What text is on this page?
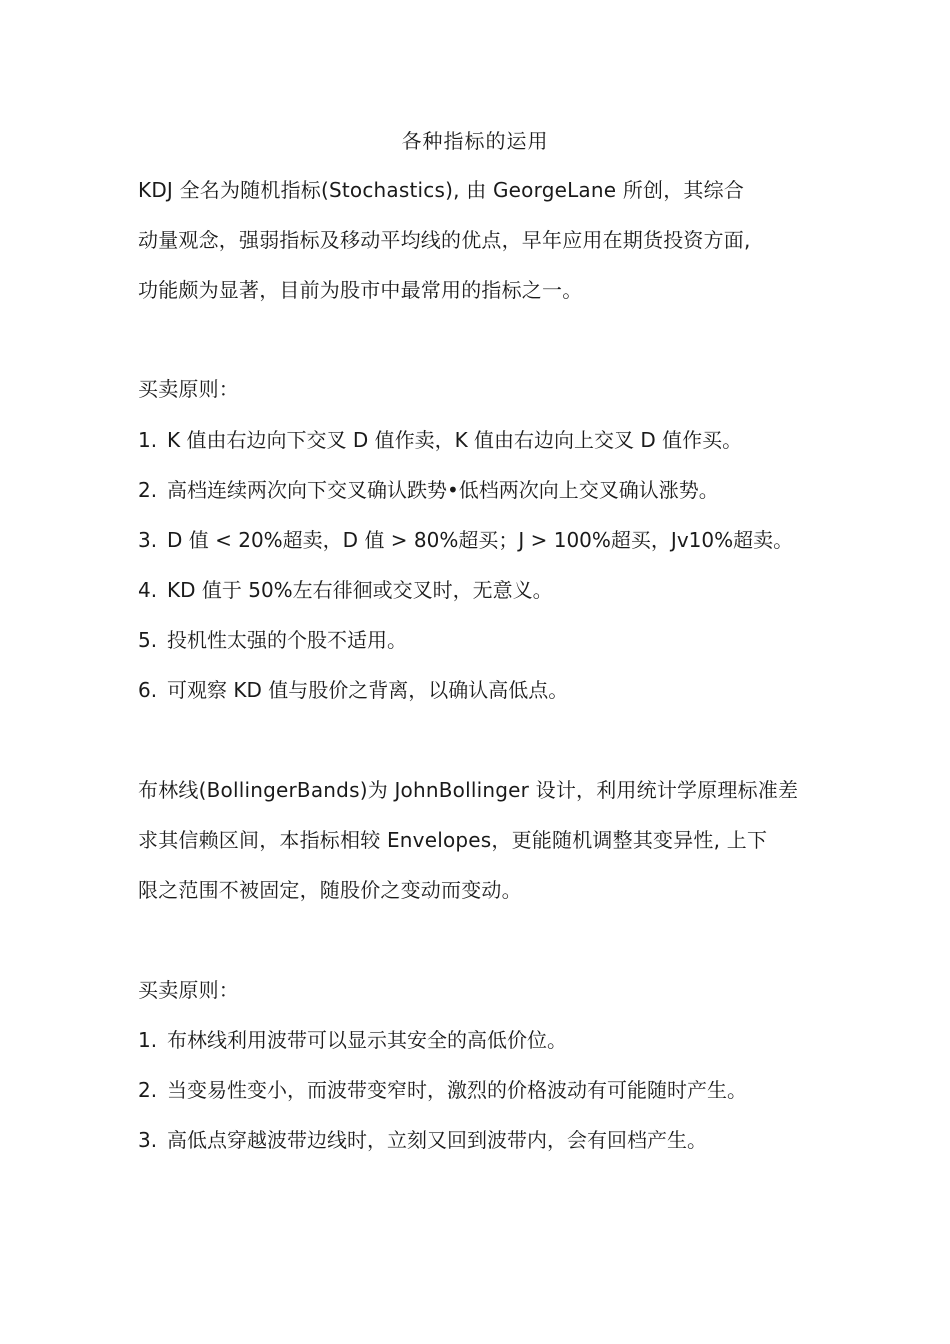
各种指标的运用
KDJ 全名为随机指标(Stochastics), 由 GeorgeLane 所创，其综合
动量观念，强弱指标及移动平均线的优点，早年应用在期货投资方面,
功能颇为显著，目前为股市中最常用的指标之一。
买卖原则：
1. K 值由右边向下交叉 D 值作卖，K 值由右边向上交叉 D 值作买。
2. 高档连续两次向下交叉确认跌势•低档两次向上交叉确认涨势。
3. D 值 < 20%超卖，D 值 > 80%超买；J > 100%超买，Jv10%超卖。
4. KD 值于 50%左右徘徊或交叉时，无意义。
5. 投机性太强的个股不适用。
6. 可观察 KD 值与股价之背离，以确认高低点。
布林线(BollingerBands)为 JohnBollinger 设计，利用统计学原理标准差
求其信赖区间，本指标相较 Envelopes，更能随机调整其变异性, 上下
限之范围不被固定，随股价之变动而变动。
买卖原则：
1. 布林线利用波带可以显示其安全的高低价位。
2. 当变易性变小，而波带变窄时，激烈的价格波动有可能随时产生。
3. 高低点穿越波带边线时，立刻又回到波带内，会有回档产生。
